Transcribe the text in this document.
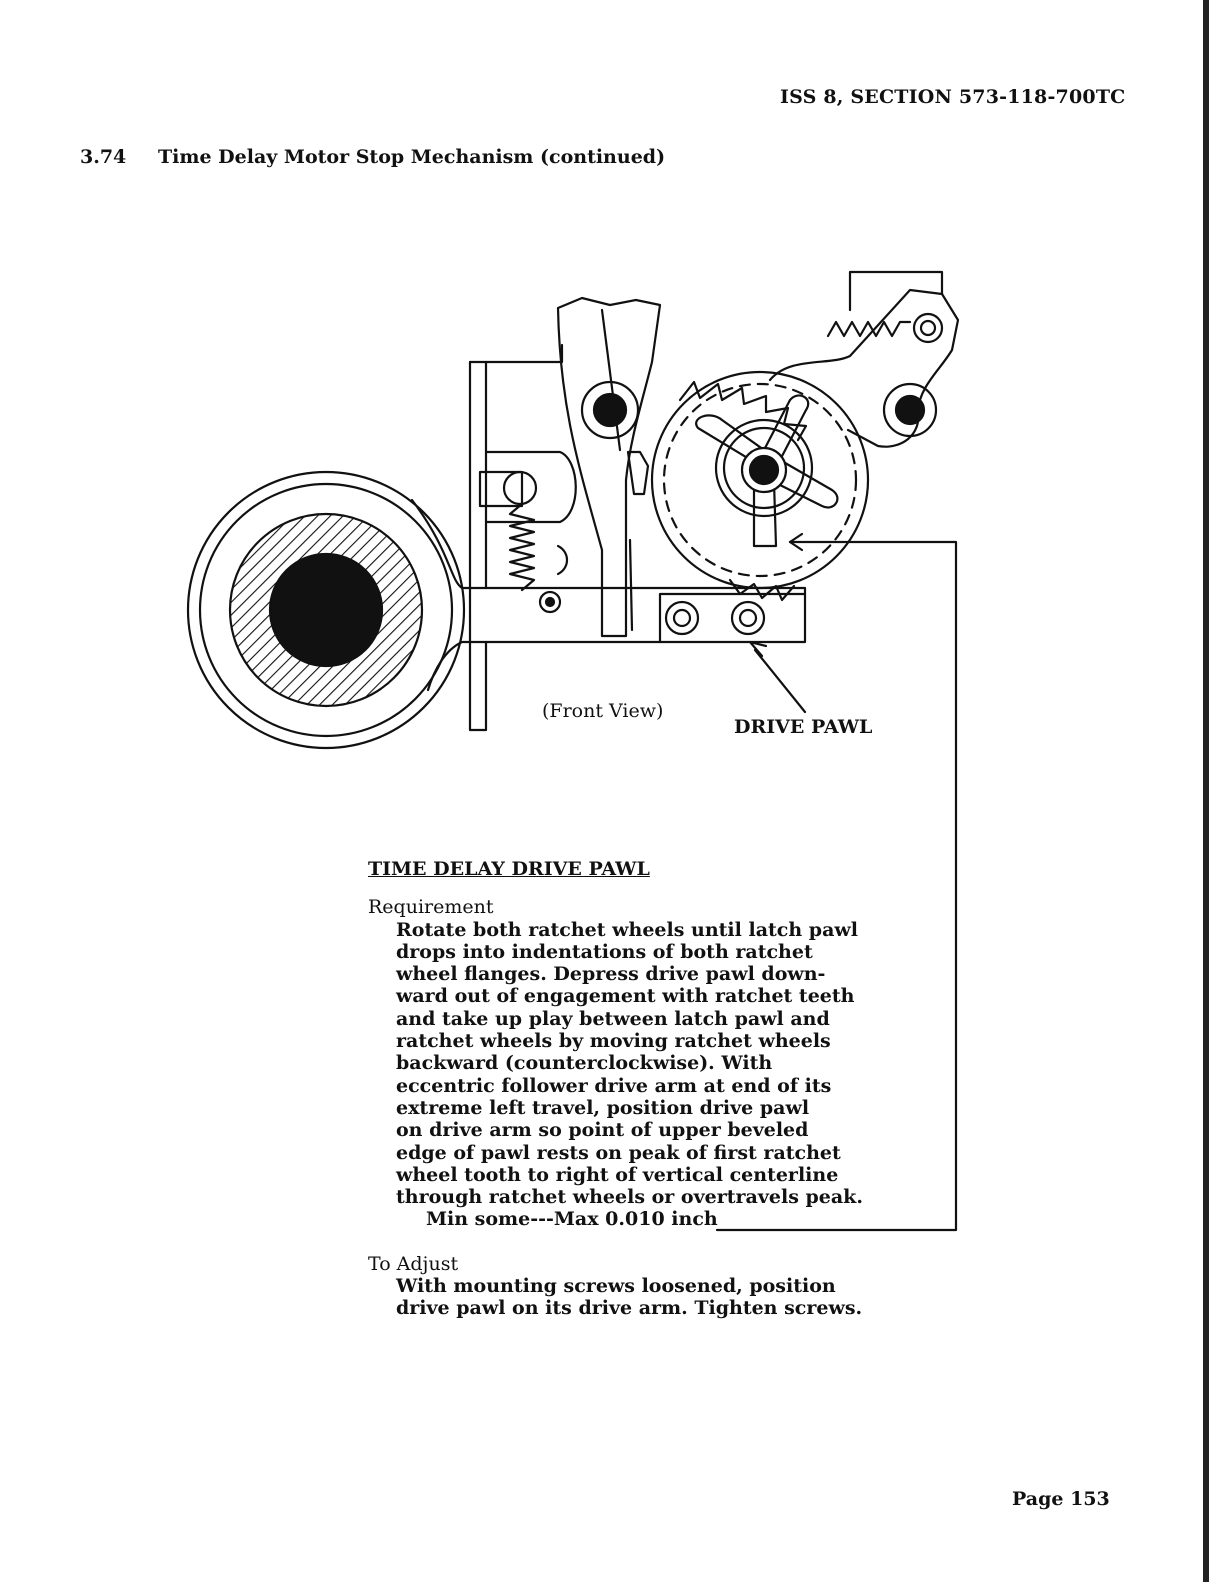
ISS 8, SECTION 573-118-700TC
3.74 Time Delay Motor Stop Mechanism (continued)
(Front View)
DRIVE PAWL
TIME DELAY DRIVE PAWL
Requirement

Rotate both ratchet wheels until latch pawl

drops into indentations of both ratchet

wheel flanges. Depress drive pawl down-

ward out of engagement with ratchet teeth

and take up play between latch pawl and

ratchet wheels by moving ratchet wheels

backward (counterclockwise). With

eccentric follower drive arm at end of its

extreme left travel, position drive pawl

on drive arm so point of upper beveled

edge of pawl rests on peak of first ratchet

wheel tooth to right of vertical centerline

through ratchet wheels or overtravels peak.

Min some---Max 0.010 inch
To Adjust

With mounting screws loosened, position

drive pawl on its drive arm. Tighten screws.

Page 153
